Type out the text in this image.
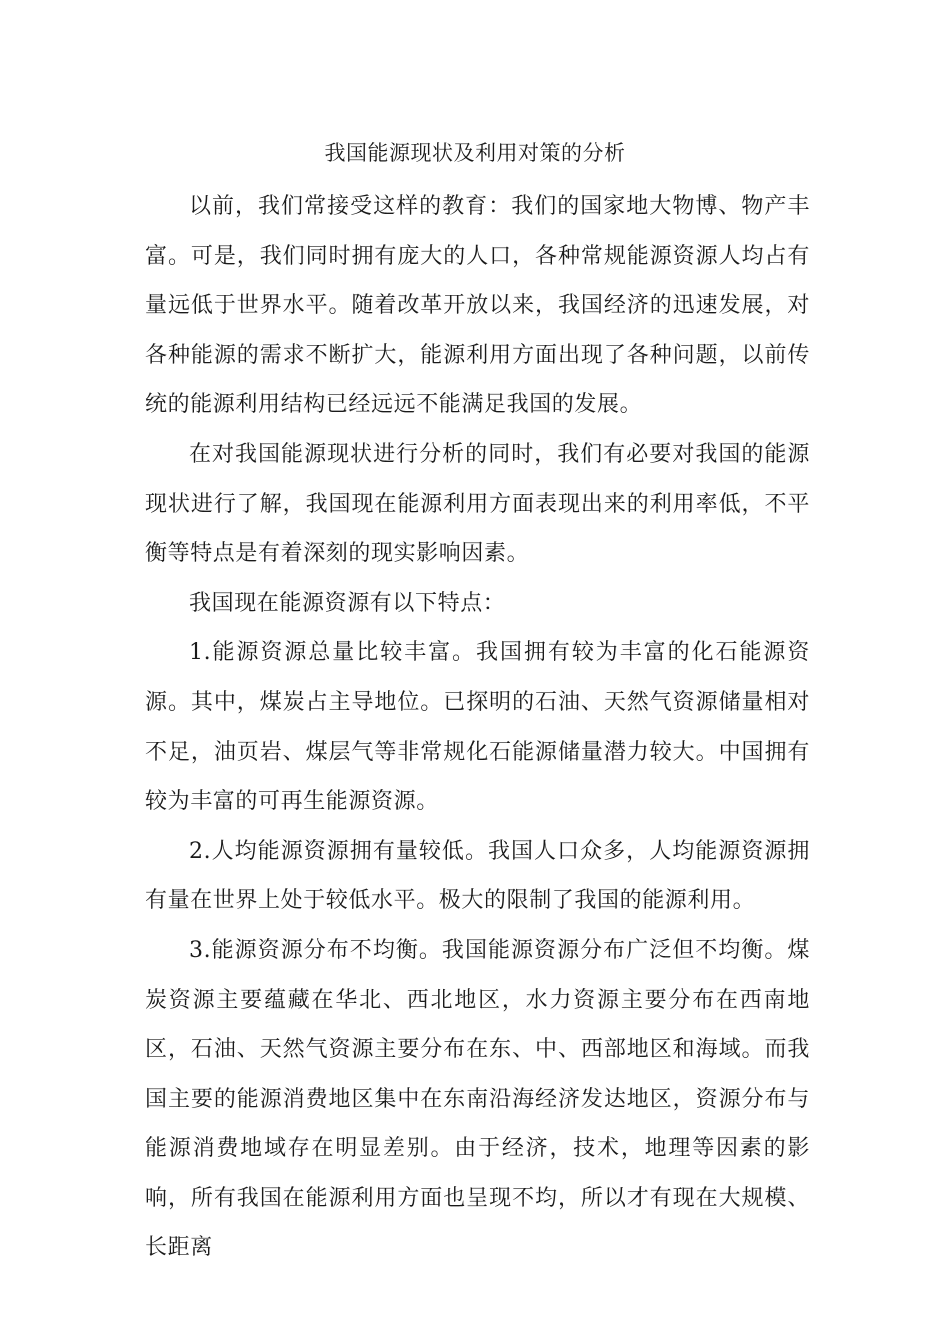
我国能源现状及利用对策的分析

以前，我们常接受这样的教育：我们的国家地大物博、物产丰富。可是，我们同时拥有庞大的人口，各种常规能源资源人均占有量远低于世界水平。随着改革开放以来，我国经济的迅速发展，对各种能源的需求不断扩大，能源利用方面出现了各种问题，以前传统的能源利用结构已经远远不能满足我国的发展。

在对我国能源现状进行分析的同时，我们有必要对我国的能源现状进行了解，我国现在能源利用方面表现出来的利用率低，不平衡等特点是有着深刻的现实影响因素。

我国现在能源资源有以下特点：

1.能源资源总量比较丰富。我国拥有较为丰富的化石能源资源。其中，煤炭占主导地位。已探明的石油、天然气资源储量相对不足，油页岩、煤层气等非常规化石能源储量潜力较大。中国拥有较为丰富的可再生能源资源。

2.人均能源资源拥有量较低。我国人口众多，人均能源资源拥有量在世界上处于较低水平。极大的限制了我国的能源利用。

3.能源资源分布不均衡。我国能源资源分布广泛但不均衡。煤炭资源主要蕴藏在华北、西北地区，水力资源主要分布在西南地区，石油、天然气资源主要分布在东、中、西部地区和海域。而我国主要的能源消费地区集中在东南沿海经济发达地区，资源分布与能源消费地域存在明显差别。由于经济，技术，地理等因素的影响，所有我国在能源利用方面也呈现不均，所以才有现在大规模、长距离
